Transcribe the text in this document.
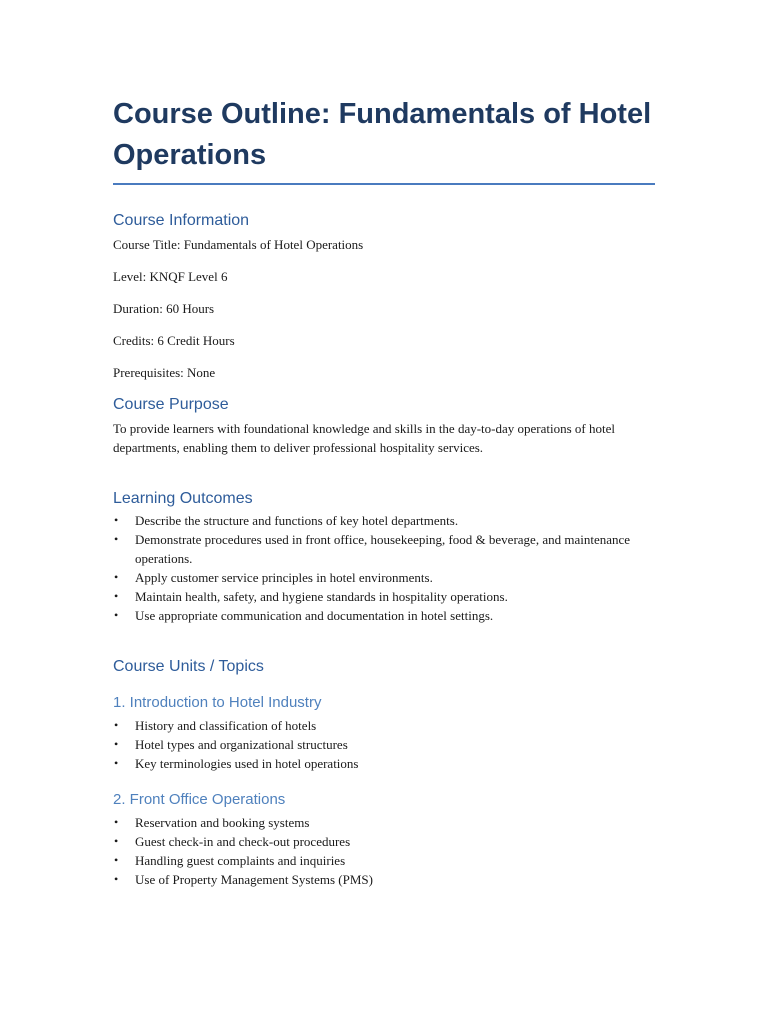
Course Outline: Fundamentals of Hotel Operations
Course Information

Course Title: Fundamentals of Hotel Operations

Level: KNQF Level 6

Duration: 60 Hours

Credits: 6 Credit Hours

Prerequisites: None

Course Purpose

To provide learners with foundational knowledge and skills in the day-to-day operations of hotel departments, enabling them to deliver professional hospitality services.

Learning Outcomes
• Describe the structure and functions of key hotel departments.
• Demonstrate procedures used in front office, housekeeping, food & beverage, and maintenance operations.
• Apply customer service principles in hotel environments.
• Maintain health, safety, and hygiene standards in hospitality operations.
• Use appropriate communication and documentation in hotel settings.
Course Units / Topics
1. Introduction to Hotel Industry
• History and classification of hotels
• Hotel types and organizational structures
• Key terminologies used in hotel operations
2. Front Office Operations
• Reservation and booking systems
• Guest check-in and check-out procedures
• Handling guest complaints and inquiries
• Use of Property Management Systems (PMS)
